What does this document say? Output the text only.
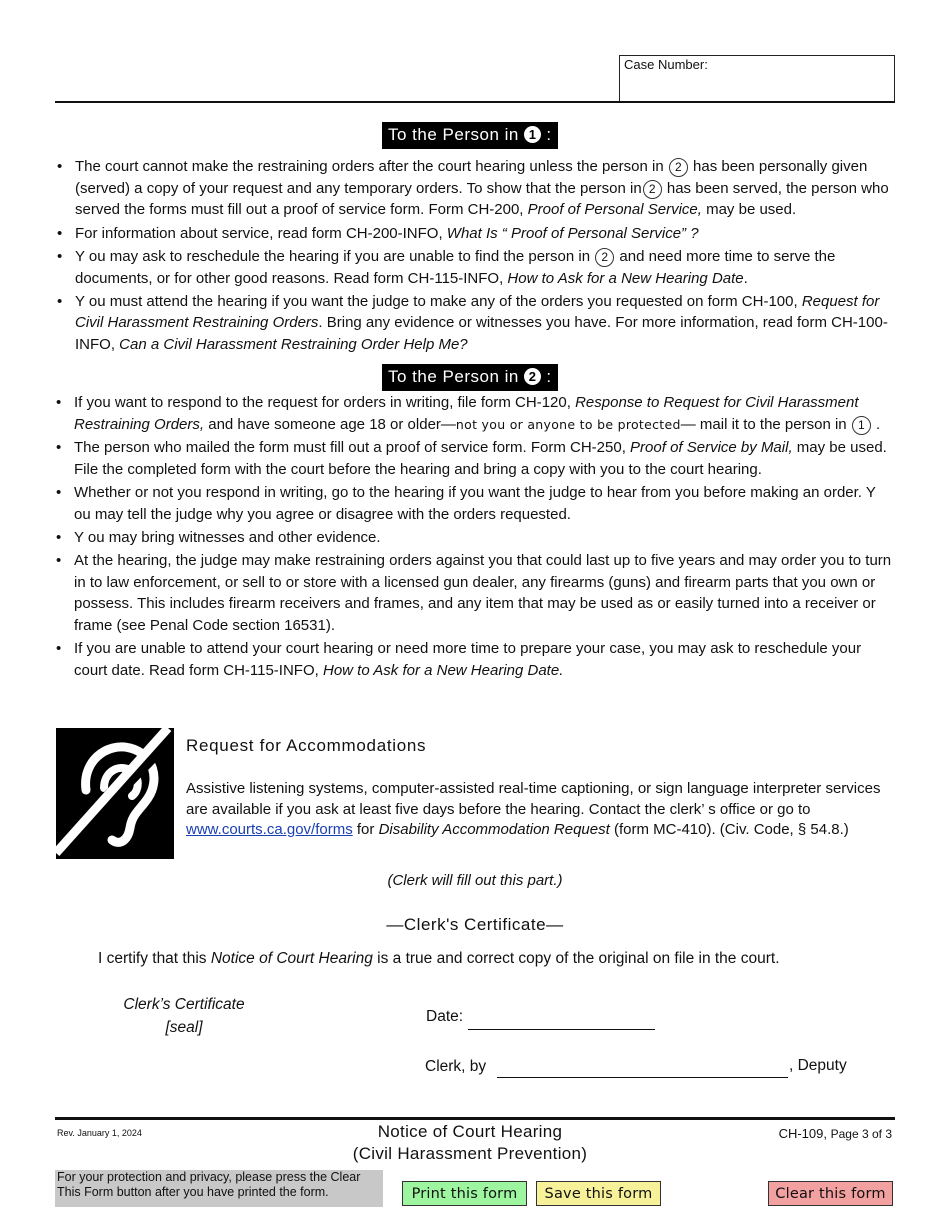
Case Number:
To the Person in 1 :
• The court cannot make the restraining orders after the court hearing unless the person in 2 has been personally given (served) a copy of your request and any temporary orders. To show that the person in 2 has been served, the person who served the forms must fill out a proof of service form. Form CH-200, Proof of Personal Service, may be used.
• For information about service, read form CH-200-INFO, What Is “ Proof of Personal Service” ?
• Y ou may ask to reschedule the hearing if you are unable to find the person in 2 and need more time to serve the documents, or for other good reasons. Read form CH-115-INFO, How to Ask for a New Hearing Date.
• Y ou must attend the hearing if you want the judge to make any of the orders you requested on form CH-100, Request for Civil Harassment Restraining Orders. Bring any evidence or witnesses you have. For more information, read form CH-100-INFO, Can a Civil Harassment Restraining Order Help Me?
To the Person in 2 :
• If you want to respond to the request for orders in writing, file form CH-120, Response to Request for Civil Harassment Restraining Orders, and have someone age 18 or older—not you or anyone to be protected— mail it to the person in 1 .
• The person who mailed the form must fill out a proof of service form. Form CH-250, Proof of Service by Mail, may be used. File the completed form with the court before the hearing and bring a copy with you to the court hearing.
• Whether or not you respond in writing, go to the hearing if you want the judge to hear from you before making an order. Y ou may tell the judge why you agree or disagree with the orders requested.
• Y ou may bring witnesses and other evidence.
• At the hearing, the judge may make restraining orders against you that could last up to five years and may order you to turn in to law enforcement, or sell to or store with a licensed gun dealer, any firearms (guns) and firearm parts that you own or possess. This includes firearm receivers and frames, and any item that may be used as or easily turned into a receiver or frame (see Penal Code section 16531).
• If you are unable to attend your court hearing or need more time to prepare your case, you may ask to reschedule your court date. Read form CH-115-INFO, How to Ask for a New Hearing Date.
Request for Accommodations
Assistive listening systems, computer-assisted real-time captioning, or sign language interpreter services are available if you ask at least five days before the hearing. Contact the clerk’ s office or go to www.courts.ca.gov/forms for Disability Accommodation Request (form MC-410). (Civ. Code, § 54.8.)
(Clerk will fill out this part.)
—Clerk's Certificate—
I certify that this Notice of Court Hearing is a true and correct copy of the original on file in the court.
Clerk’s Certificate
[seal]
Date:
Clerk, by	, Deputy
Rev. January 1, 2024	Notice of Court Hearing
(Civil Harassment Prevention)
CH-109, Page 3 of 3
For your protection and privacy, please press the Clear This Form button after you have printed the form.	Print this form	Save this form	Clear this form
